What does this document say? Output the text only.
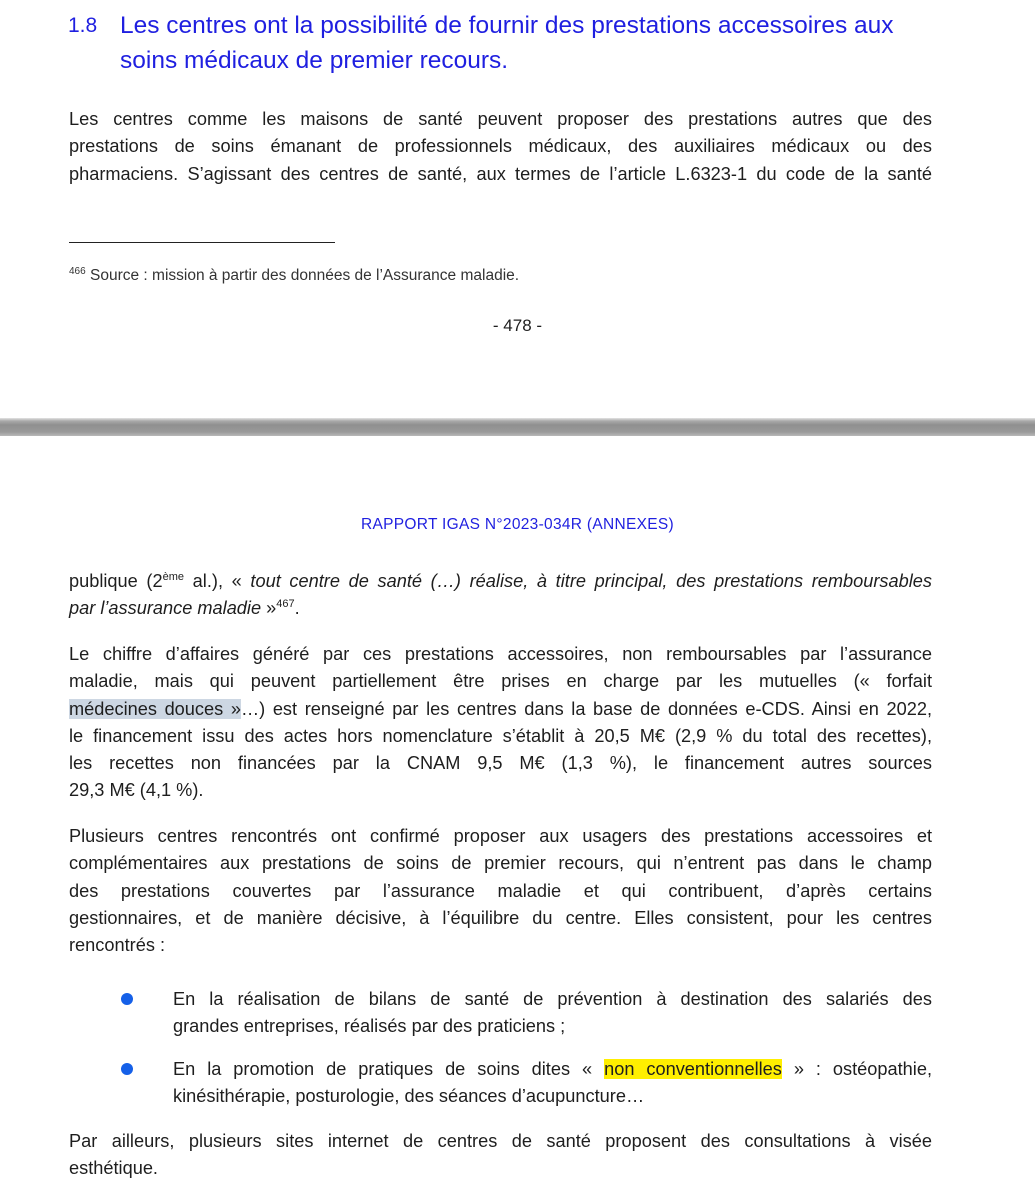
1.8 Les centres ont la possibilité de fournir des prestations accessoires aux
soins médicaux de premier recours.
Les centres comme les maisons de santé peuvent proposer des prestations autres que des
prestations de soins émanant de professionnels médicaux, des auxiliaires médicaux ou des
pharmaciens. S’agissant des centres de santé, aux termes de l’article L.6323-1 du code de la santé
$^{466}$ Source : mission à partir des données de l’Assurance maladie.
- 478 -
RAPPORT IGAS N°2023-034R (ANNEXES)
publique (2ème al.), « tout centre de santé (…) réalise, à titre principal, des prestations remboursables
par l’assurance maladie »$^{467}$.
Le chiffre d’affaires généré par ces prestations accessoires, non remboursables par l’assurance
maladie, mais qui peuvent partiellement être prises en charge par les mutuelles (« forfait
médecines douces »…) est renseigné par les centres dans la base de données e-CDS. Ainsi en 2022,
le financement issu des actes hors nomenclature s’établit à 20,5 M€ (2,9 % du total des recettes),
les recettes non financées par la CNAM 9,5 M€ (1,3 %), le financement autres sources
29,3 M€ (4,1 %).
Plusieurs centres rencontrés ont confirmé proposer aux usagers des prestations accessoires et
complémentaires aux prestations de soins de premier recours, qui n’entrent pas dans le champ
des prestations couvertes par l’assurance maladie et qui contribuent, d’après certains
gestionnaires, et de manière décisive, à l’équilibre du centre. Elles consistent, pour les centres
rencontrés :
En la réalisation de bilans de santé de prévention à destination des salariés des
grandes entreprises, réalisés par des praticiens ;
En la promotion de pratiques de soins dites « non conventionnelles » : ostéopathie,
kinésithérapie, posturologie, des séances d’acupuncture…
Par ailleurs, plusieurs sites internet de centres de santé proposent des consultations à visée
esthétique.
